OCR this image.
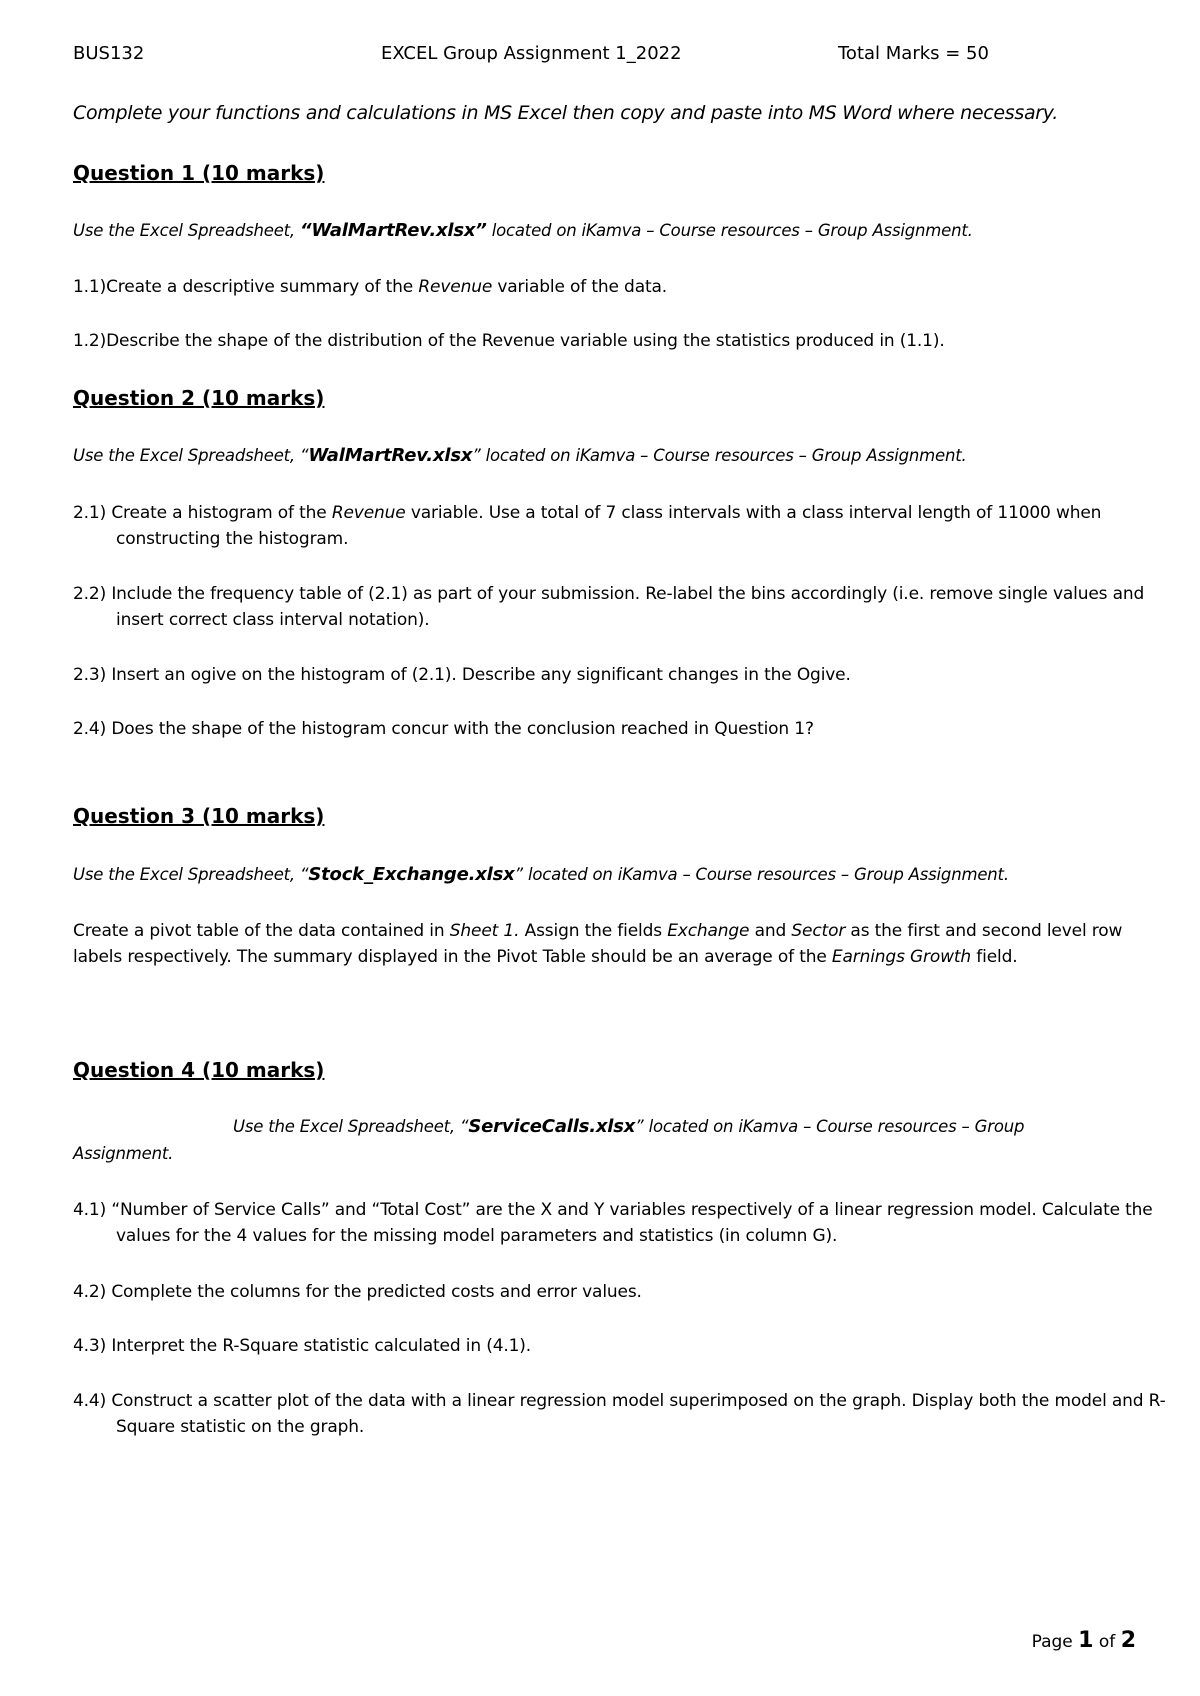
BUS132	EXCEL Group Assignment 1_2022	Total Marks = 50
Complete your functions and calculations in MS Excel then copy and paste into MS Word where necessary.
Question 1 (10 marks)
Use the Excel Spreadsheet, “WalMartRev.xlsx” located on iKamva – Course resources – Group Assignment.
1.1)Create a descriptive summary of the Revenue variable of the data.
1.2)Describe the shape of the distribution of the Revenue variable using the statistics produced in (1.1).
Question 2 (10 marks)
Use the Excel Spreadsheet, “WalMartRev.xlsx” located on iKamva – Course resources – Group Assignment.
2.1) Create a histogram of the Revenue variable. Use a total of 7 class intervals with a class interval length of 11000 when constructing the histogram.
2.2) Include the frequency table of (2.1) as part of your submission. Re-label the bins accordingly (i.e. remove single values and insert correct class interval notation).
2.3) Insert an ogive on the histogram of (2.1). Describe any significant changes in the Ogive.
2.4) Does the shape of the histogram concur with the conclusion reached in Question 1?
Question 3 (10 marks)
Use the Excel Spreadsheet, “Stock_Exchange.xlsx” located on iKamva – Course resources – Group Assignment.
Create a pivot table of the data contained in Sheet 1. Assign the fields Exchange and Sector as the first and second level row labels respectively. The summary displayed in the Pivot Table should be an average of the Earnings Growth field.
Question 4 (10 marks)
Use the Excel Spreadsheet, “ServiceCalls.xlsx” located on iKamva – Course resources – Group
Assignment.
4.1) “Number of Service Calls” and “Total Cost” are the X and Y variables respectively of a linear regression model. Calculate the values for the 4 values for the missing model parameters and statistics (in column G).
4.2) Complete the columns for the predicted costs and error values.
4.3) Interpret the R-Square statistic calculated in (4.1).
4.4) Construct a scatter plot of the data with a linear regression model superimposed on the graph. Display both the model and R-Square statistic on the graph.
Page 1 of 2
